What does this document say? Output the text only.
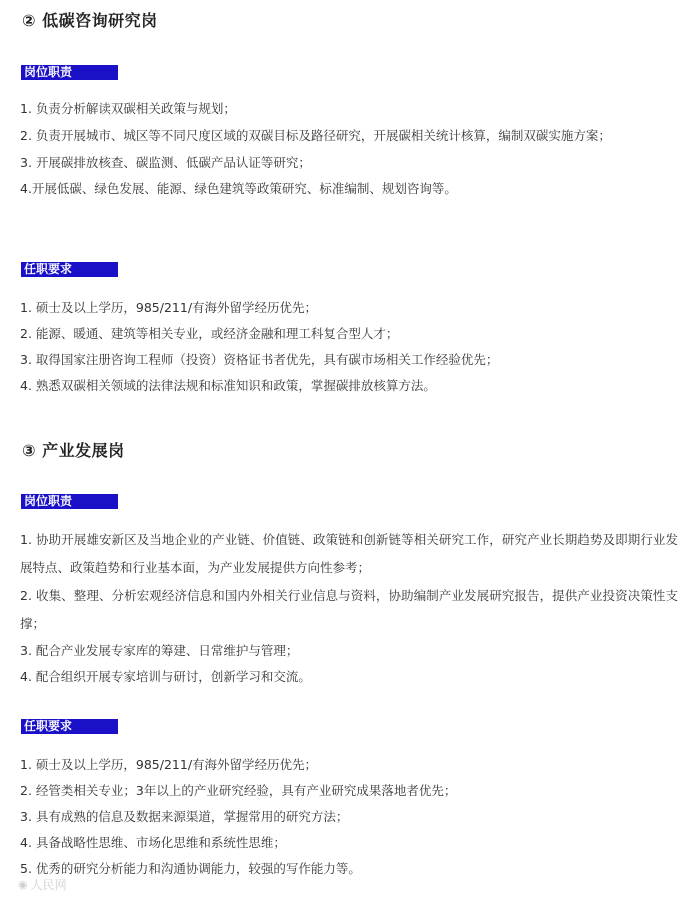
② 低碳咨询研究岗
岗位职责
1. 负责分析解读双碳相关政策与规划；
2. 负责开展城市、城区等不同尺度区域的双碳目标及路径研究，开展碳相关统计核算，编制双碳实施方案；
3. 开展碳排放核查、碳监测、低碳产品认证等研究；
4.开展低碳、绿色发展、能源、绿色建筑等政策研究、标准编制、规划咨询等。
任职要求
1. 硕士及以上学历，985/211/有海外留学经历优先；
2. 能源、暖通、建筑等相关专业，或经济金融和理工科复合型人才；
3. 取得国家注册咨询工程师（投资）资格证书者优先，具有碳市场相关工作经验优先；
4. 熟悉双碳相关领域的法律法规和标准知识和政策，掌握碳排放核算方法。
③ 产业发展岗
岗位职责
1. 协助开展雄安新区及当地企业的产业链、价值链、政策链和创新链等相关研究工作，研究产业长期趋势及即期行业发展特点、政策趋势和行业基本面，为产业发展提供方向性参考；
2. 收集、整理、分析宏观经济信息和国内外相关行业信息与资料，协助编制产业发展研究报告，提供产业投资决策性支撑；
3. 配合产业发展专家库的筹建、日常维护与管理；
4. 配合组织开展专家培训与研讨，创新学习和交流。
任职要求
1. 硕士及以上学历，985/211/有海外留学经历优先；
2. 经管类相关专业；3年以上的产业研究经验，具有产业研究成果落地者优先；
3. 具有成熟的信息及数据来源渠道，掌握常用的研究方法；
4. 具备战略性思维、市场化思维和系统性思维；
5. 优秀的研究分析能力和沟通协调能力，较强的写作能力等。
◉ 人民网
